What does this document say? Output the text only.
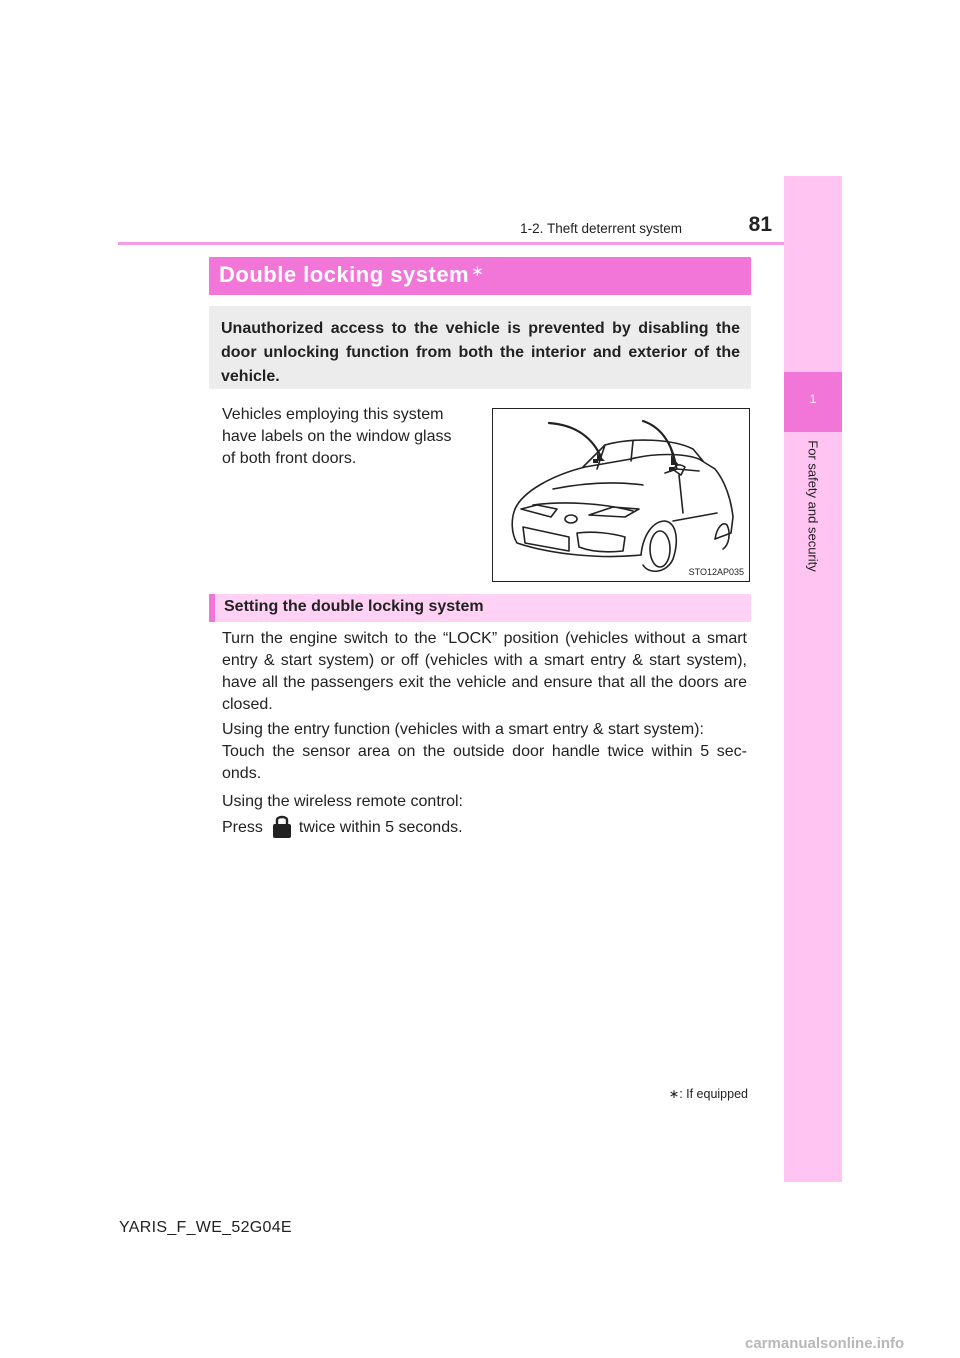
1
For safety and security
1-2. Theft deterrent system	81
Double locking system ∗
Unauthorized access to the vehicle is prevented by disabling the door unlocking function from both the interior and exterior of the vehicle.
Vehicles employing this system
have labels on the window glass
of both front doors.
STO12AP035
Setting the double locking system
Turn the engine switch to the “LOCK” position (vehicles without a smart entry & start system) or off (vehicles with a smart entry & start system), have all the passengers exit the vehicle and ensure that all the doors are closed.
Using the entry function (vehicles with a smart entry & start system):
Touch the sensor area on the outside door handle twice within 5 sec-onds.
Using the wireless remote control:
Press twice within 5 seconds.
∗: If equipped
YARIS_F_WE_52G04E
carmanualsonline.info
